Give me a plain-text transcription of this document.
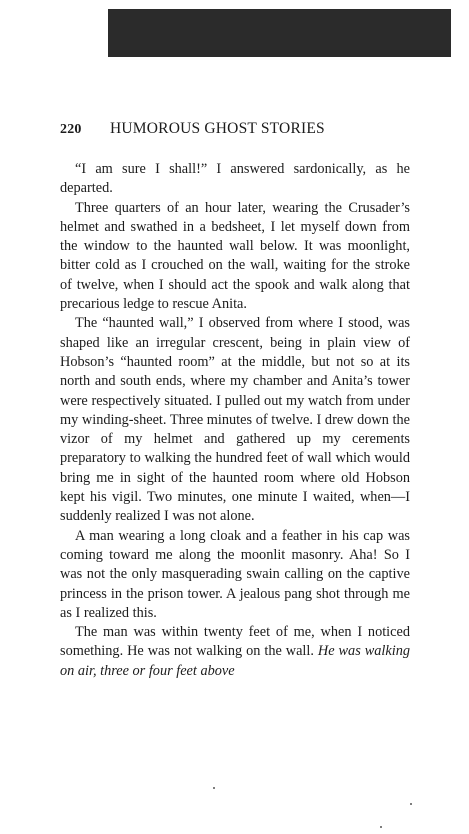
220 HUMOROUS GHOST STORIES

“I am sure I shall!” I answered sardonically, as he departed.

Three quarters of an hour later, wearing the Crusader’s helmet and swathed in a bedsheet, I let myself down from the window to the haunted wall below. It was moonlight, bitter cold as I crouched on the wall, waiting for the stroke of twelve, when I should act the spook and walk along that precarious ledge to rescue Anita.

The “haunted wall,” I observed from where I stood, was shaped like an irregular crescent, being in plain view of Hobson’s “haunted room” at the middle, but not so at its north and south ends, where my chamber and Anita’s tower were respectively situated. I pulled out my watch from under my winding-sheet. Three minutes of twelve. I drew down the vizor of my helmet and gathered up my cerements preparatory to walking the hundred feet of wall which would bring me in sight of the haunted room where old Hobson kept his vigil. Two minutes, one minute I waited, when—I suddenly realized I was not alone.

A man wearing a long cloak and a feather in his cap was coming toward me along the moonlit masonry. Aha! So I was not the only masquerading swain calling on the captive princess in the prison tower. A jealous pang shot through me as I realized this.

The man was within twenty feet of me, when I noticed something. He was not walking on the wall. He was walking on air, three or four feet above
